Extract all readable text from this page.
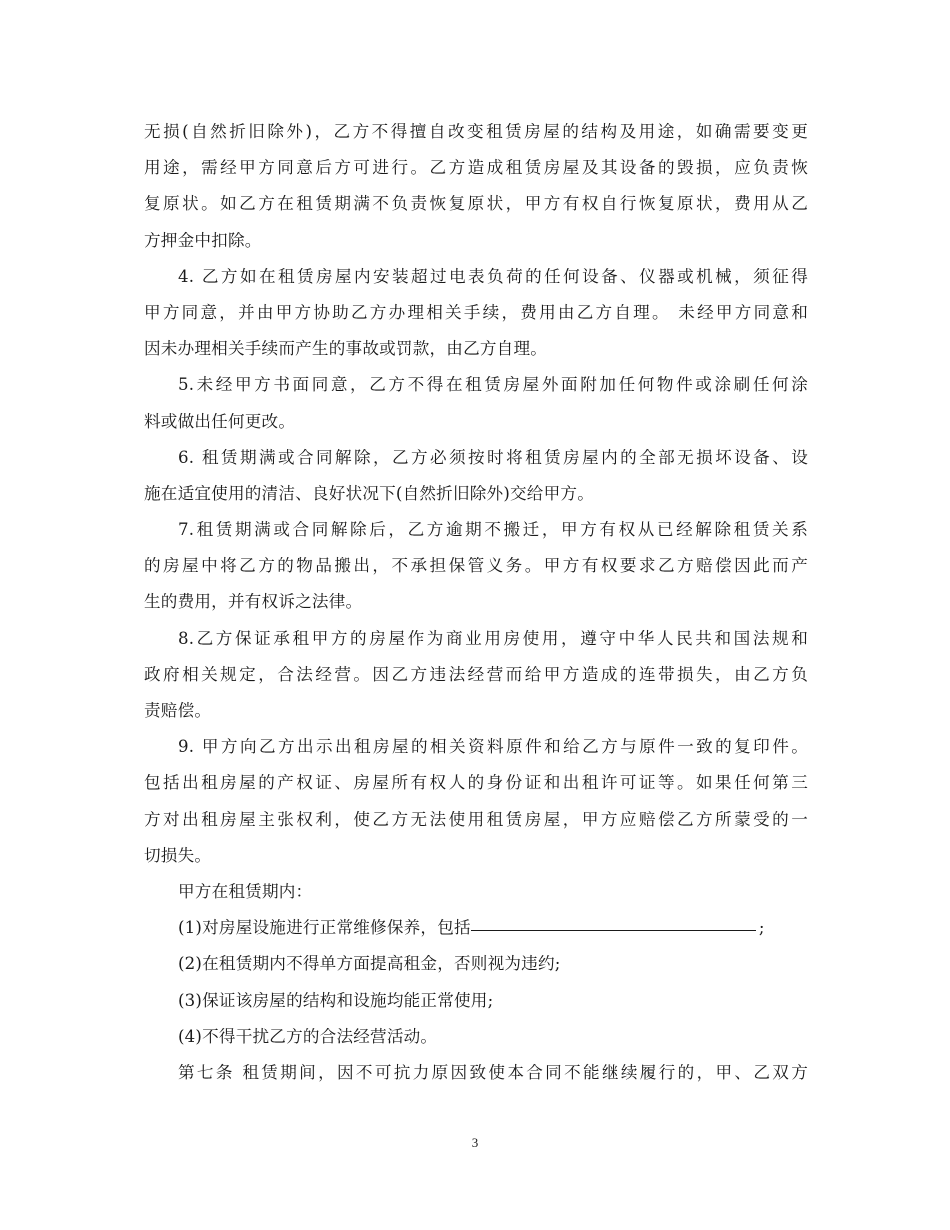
无损(自然折旧除外)，乙方不得擅自改变租赁房屋的结构及用途，如确需要变更
用途，需经甲方同意后方可进行。乙方造成租赁房屋及其设备的毁损，应负责恢
复原状。如乙方在租赁期满不负责恢复原状，甲方有权自行恢复原状，费用从乙
方押金中扣除。
4. 乙方如在租赁房屋内安装超过电表负荷的任何设备、仪器或机械，须征得
甲方同意，并由甲方协助乙方办理相关手续，费用由乙方自理。 未经甲方同意和
因未办理相关手续而产生的事故或罚款，由乙方自理。
5.未经甲方书面同意，乙方不得在租赁房屋外面附加任何物件或涂刷任何涂
料或做出任何更改。
6. 租赁期满或合同解除，乙方必须按时将租赁房屋内的全部无损坏设备、设
施在适宜使用的清洁、良好状况下(自然折旧除外)交给甲方。
7.租赁期满或合同解除后，乙方逾期不搬迁，甲方有权从已经解除租赁关系
的房屋中将乙方的物品搬出，不承担保管义务。甲方有权要求乙方赔偿因此而产
生的费用，并有权诉之法律。
8.乙方保证承租甲方的房屋作为商业用房使用，遵守中华人民共和国法规和
政府相关规定，合法经营。因乙方违法经营而给甲方造成的连带损失，由乙方负
责赔偿。
9. 甲方向乙方出示出租房屋的相关资料原件和给乙方与原件一致的复印件。
包括出租房屋的产权证、房屋所有权人的身份证和出租许可证等。如果任何第三
方对出租房屋主张权利，使乙方无法使用租赁房屋，甲方应赔偿乙方所蒙受的一
切损失。
甲方在租赁期内：
(1)对房屋设施进行正常维修保养，包括	;
(2)在租赁期内不得单方面提高租金，否则视为违约;
(3)保证该房屋的结构和设施均能正常使用;
(4)不得干扰乙方的合法经营活动。
第七条 租赁期间，因不可抗力原因致使本合同不能继续履行的，甲、乙双方
3
